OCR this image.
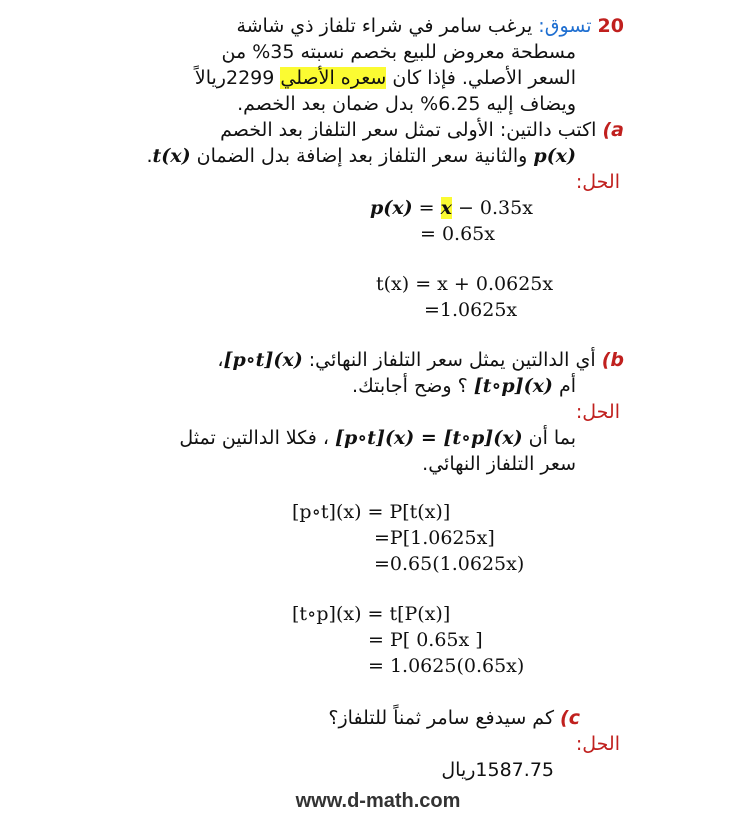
20 تسوق: يرغب سامر في شراء تلفاز ذي شاشة
مسطحة معروض للبيع بخصم نسبته 35% من
السعر الأصلي. فإذا كان سعره الأصلي 2299ريالاً
ويضاف إليه 6.25% بدل ضمان بعد الخصم.
a) اكتب دالتين: الأولى تمثل سعر التلفاز بعد الخصم
p(x) والثانية سعر التلفاز بعد إضافة بدل الضمان t(x).
الحل:
p(x) = x − 0.35x
= 0.65x
t(x) = x + 0.0625x
=1.0625x
b) أي الدالتين يمثل سعر التلفاز النهائي: [p∘t](x)،
أم [t∘p](x) ؟ وضح أجابتك.
الحل:
بما أن [p∘t](x) = [t∘p](x) ، فكلا الدالتين تمثل
سعر التلفاز النهائي.
[p∘t](x) = P[t(x)]
=P[1.0625x]
=0.65(1.0625x)
[t∘p](x) = t[P(x)]
= P[ 0.65x ]
= 1.0625(0.65x)
c) كم سيدفع سامر ثمناً للتلفاز؟
الحل:
1587.75ريال
www.d-math.com
